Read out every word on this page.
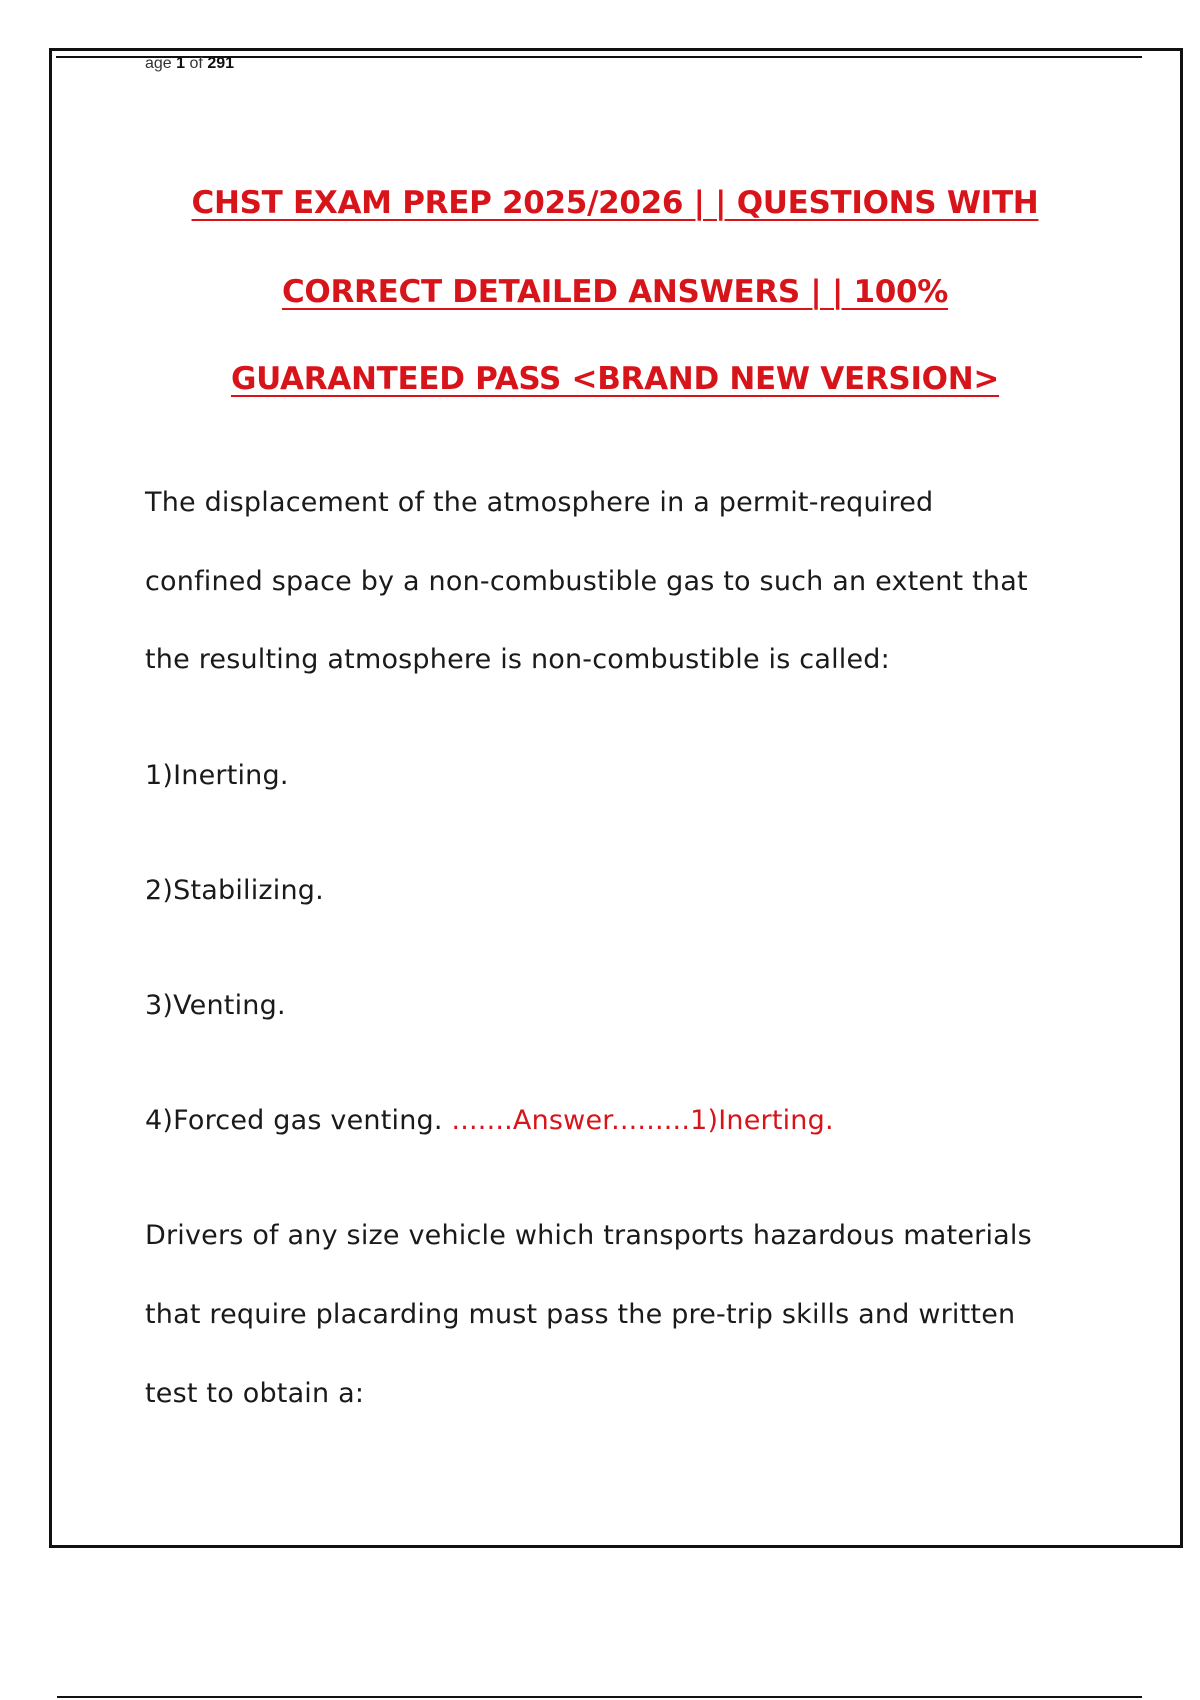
age 1 of 291
CHST EXAM PREP 2025/2026 | | QUESTIONS WITH
CORRECT DETAILED ANSWERS | | 100%
GUARANTEED PASS <BRAND NEW VERSION>
The displacement of the atmosphere in a permit-required
confined space by a non-combustible gas to such an extent that
the resulting atmosphere is non-combustible is called:
1)Inerting.
2)Stabilizing.
3)Venting.
4)Forced gas venting. .......Answer.........1)Inerting.
Drivers of any size vehicle which transports hazardous materials
that require placarding must pass the pre-trip skills and written
test to obtain a:
